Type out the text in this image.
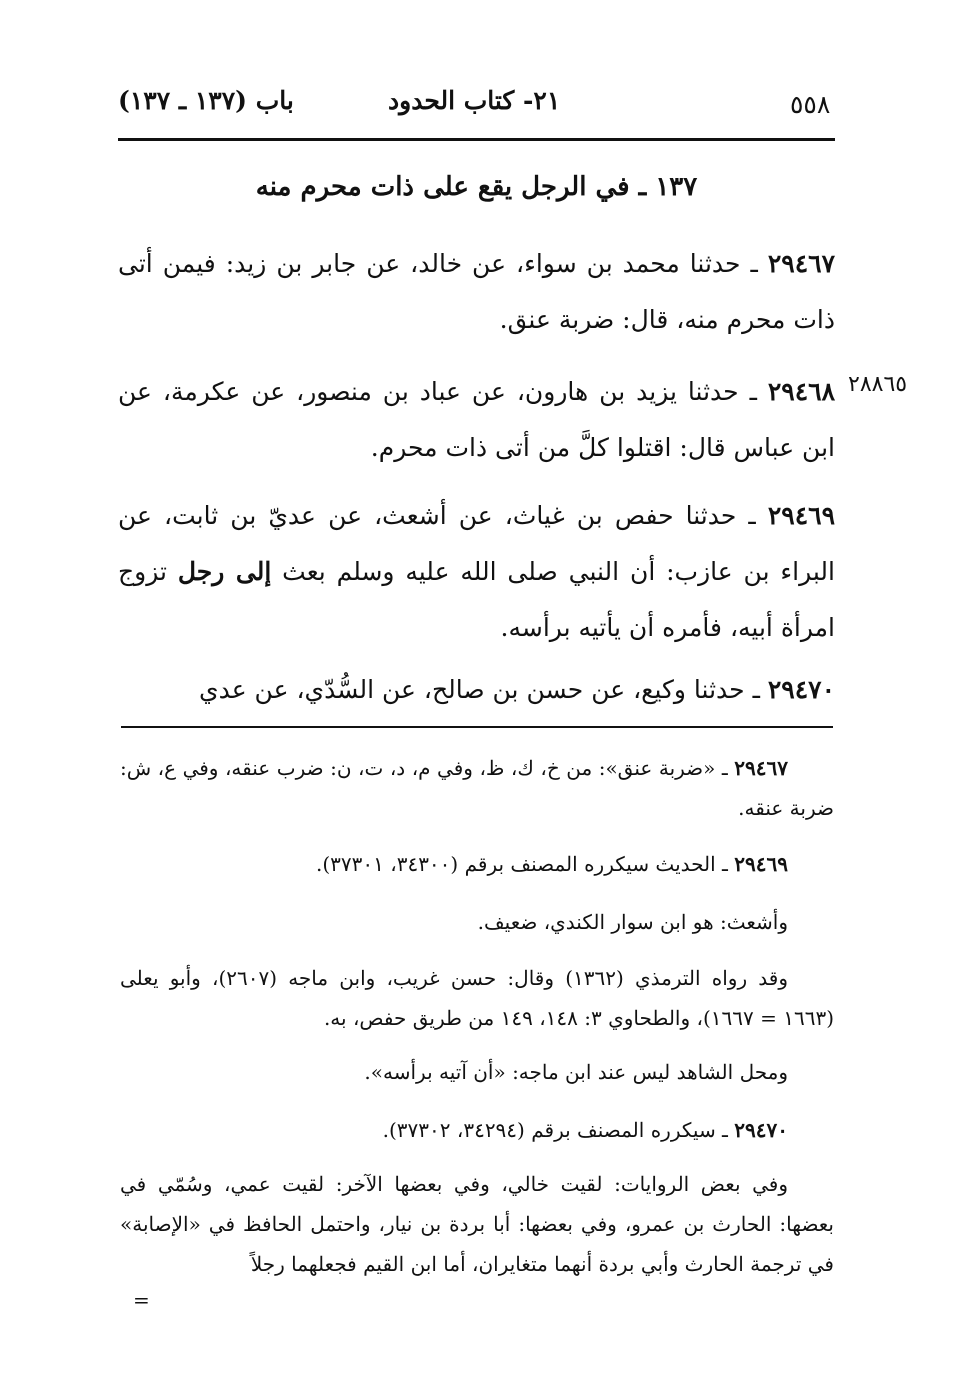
٥٥٨
٢١- كتاب الحدود
باب (١٣٧ ـ ١٣٧)
١٣٧ ـ في الرجل يقع على ذات محرم منه
٢٨٨٦٥
٢٩٤٦٧ ـ حدثنا محمد بن سواء، عن خالد، عن جابر بن زيد: فيمن أتى ذات محرم منه، قال: ضربة عنق.
٢٩٤٦٨ ـ حدثنا يزيد بن هارون، عن عباد بن منصور، عن عكرمة، عن ابن عباس قال: اقتلوا كلَّ من أتى ذات محرم.
٢٩٤٦٩ ـ حدثنا حفص بن غياث، عن أشعث، عن عديّ بن ثابت، عن البراء بن عازب: أن النبي صلى الله عليه وسلم بعث إلى رجل تزوج امرأة أبيه، فأمره أن يأتيه برأسه.
٢٩٤٧٠ ـ حدثنا وكيع، عن حسن بن صالح، عن السُّدّي، عن عدي
٢٩٤٦٧ ـ «ضربة عنق»: من خ، ك، ظ، وفي م، د، ت، ن: ضرب عنقه، وفي ع، ش: ضربة عنقه.
٢٩٤٦٩ ـ الحديث سيكرره المصنف برقم (٣٤٣٠٠، ٣٧٣٠١).
وأشعث: هو ابن سوار الكندي، ضعيف.
وقد رواه الترمذي (١٣٦٢) وقال: حسن غريب، وابن ماجه (٢٦٠٧)، وأبو يعلى (١٦٦٣ = ١٦٦٧)، والطحاوي ٣: ١٤٨، ١٤٩ من طريق حفص، به.
ومحل الشاهد ليس عند ابن ماجه: «أن آتيه برأسه».
٢٩٤٧٠ ـ سيكرره المصنف برقم (٣٤٢٩٤، ٣٧٣٠٢).
وفي بعض الروايات: لقيت خالي، وفي بعضها الآخر: لقيت عمي، وسُمّي في بعضها: الحارث بن عمرو، وفي بعضها: أبا بردة بن نيار، واحتمل الحافظ في «الإصابة» في ترجمة الحارث وأبي بردة أنهما متغايران، أما ابن القيم فجعلهما رجلاً
=
